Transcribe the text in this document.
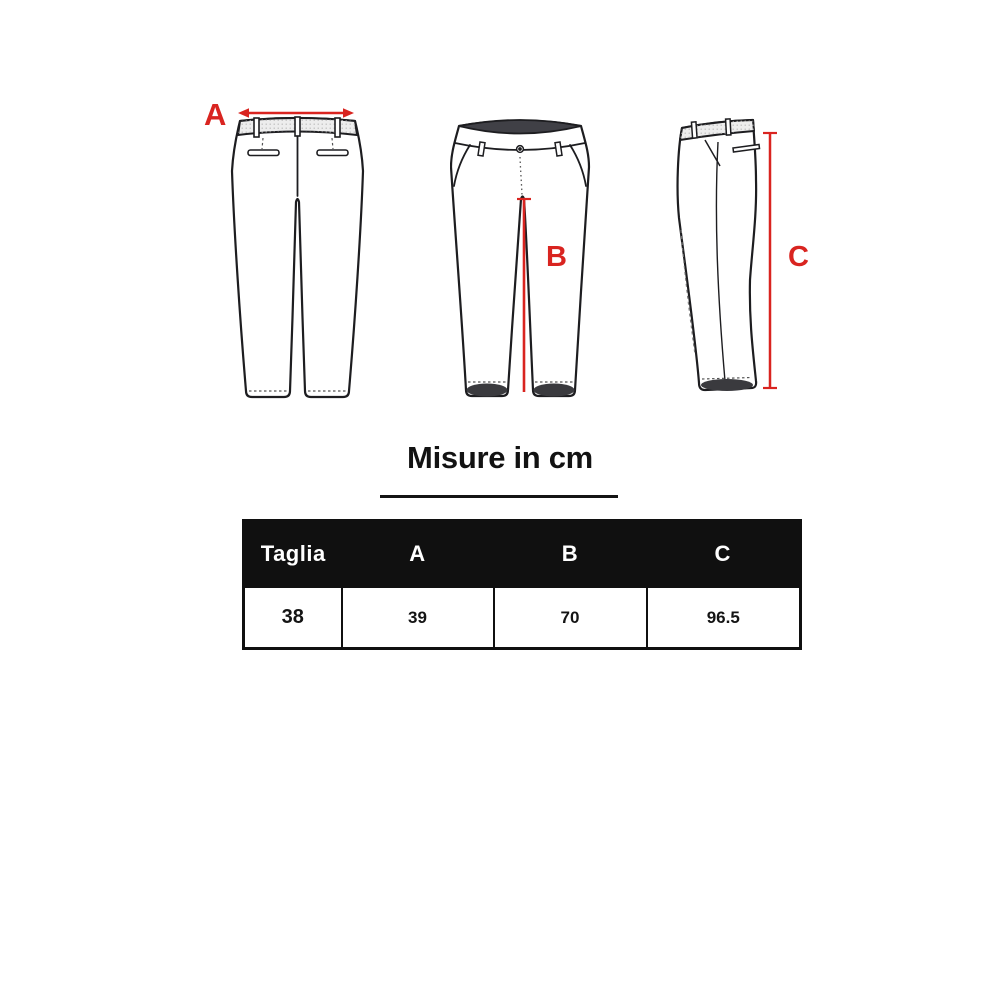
A
B	C
Misure in cm
Taglia	A	B	C
38	39	70	96.5
